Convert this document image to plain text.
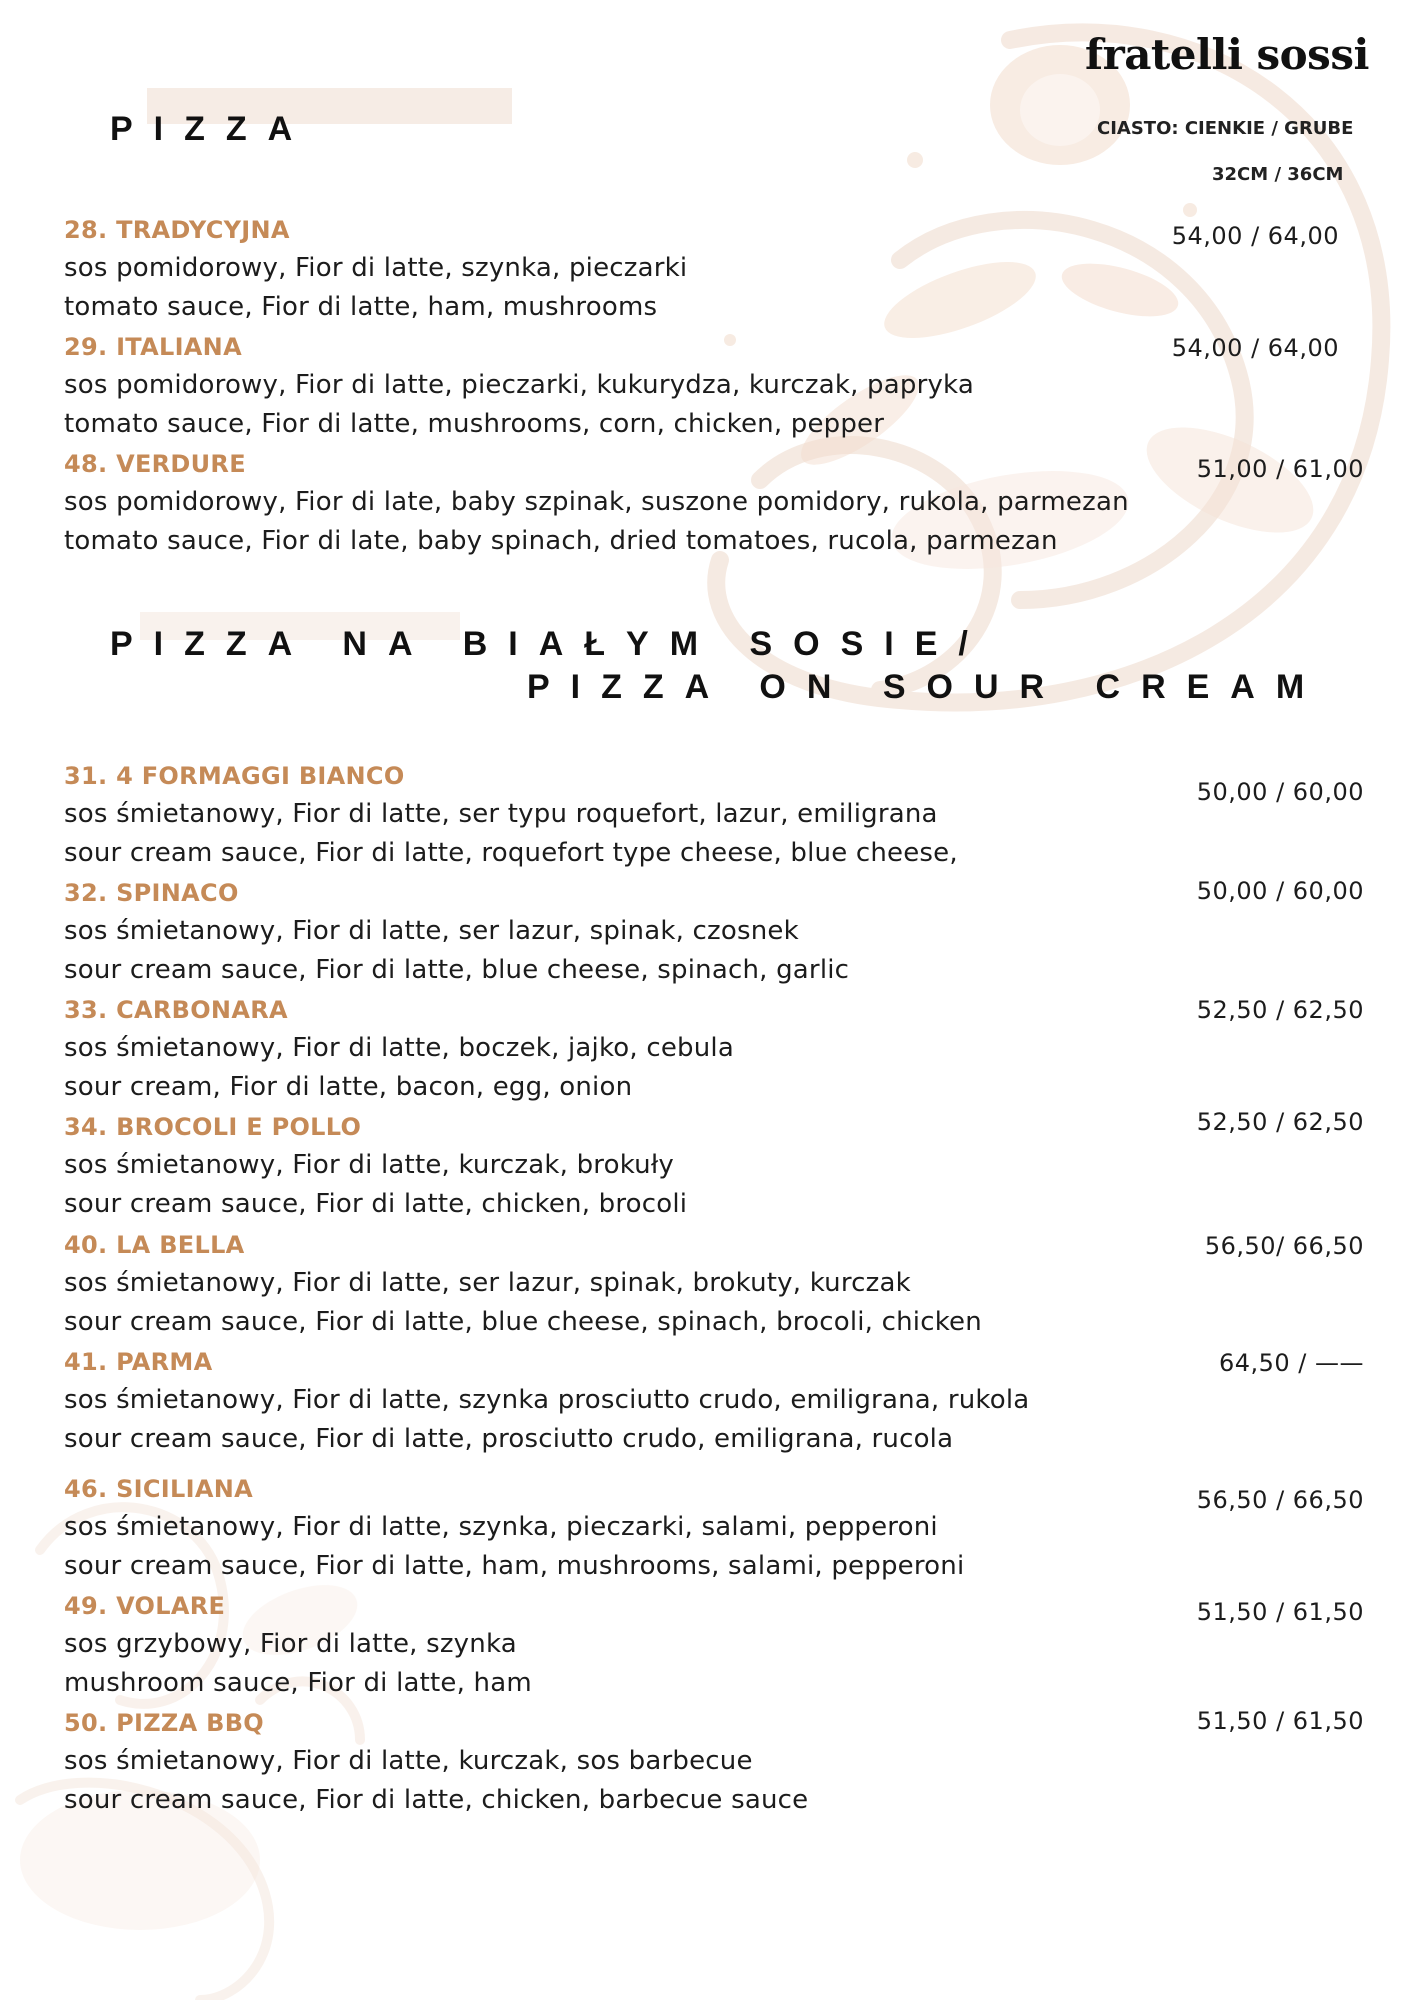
fratelli sossi
CIASTO: CIENKIE / GRUBE
32CM / 36CM
PIZZA
28. TRADYCYJNA
sos pomidorowy, Fior di latte, szynka, pieczarki
tomato sauce, Fior di latte, ham, mushrooms
54,00 / 64,00
29. ITALIANA
sos pomidorowy, Fior di latte, pieczarki, kukurydza, kurczak, papryka
tomato sauce, Fior di latte, mushrooms, corn, chicken, pepper
54,00 / 64,00
48. VERDURE
sos pomidorowy, Fior di late, baby szpinak, suszone pomidory, rukola, parmezan
tomato sauce, Fior di late, baby spinach, dried tomatoes, rucola, parmezan
51,00 / 61,00
PIZZA NA BIAŁYM SOSIE/
PIZZA ON SOUR CREAM
31. 4 FORMAGGI BIANCO
sos śmietanowy, Fior di latte, ser typu roquefort, lazur, emiligrana
sour cream sauce, Fior di latte, roquefort type cheese, blue cheese,
50,00 / 60,00
32. SPINACO
sos śmietanowy, Fior di latte, ser lazur, spinak, czosnek
sour cream sauce, Fior di latte, blue cheese, spinach, garlic
50,00 / 60,00
33. CARBONARA
sos śmietanowy, Fior di latte, boczek, jajko, cebula
sour cream, Fior di latte, bacon, egg, onion
52,50 / 62,50
34. BROCOLI E POLLO
sos śmietanowy, Fior di latte, kurczak, brokuły
sour cream sauce, Fior di latte, chicken, brocoli
52,50 / 62,50
40. LA BELLA
sos śmietanowy, Fior di latte, ser lazur, spinak, brokuty, kurczak
sour cream sauce, Fior di latte, blue cheese, spinach, brocoli, chicken
56,50/ 66,50
41. PARMA
sos śmietanowy, Fior di latte, szynka prosciutto crudo, emiligrana, rukola
sour cream sauce, Fior di latte, prosciutto crudo, emiligrana, rucola
64,50 / ——
46. SICILIANA
sos śmietanowy, Fior di latte, szynka, pieczarki, salami, pepperoni
sour cream sauce, Fior di latte, ham, mushrooms, salami, pepperoni
56,50 / 66,50
49. VOLARE
sos grzybowy, Fior di latte, szynka
mushroom sauce, Fior di latte, ham
51,50 / 61,50
50. PIZZA BBQ
sos śmietanowy, Fior di latte, kurczak, sos barbecue
sour cream sauce, Fior di latte, chicken, barbecue sauce
51,50 / 61,50
